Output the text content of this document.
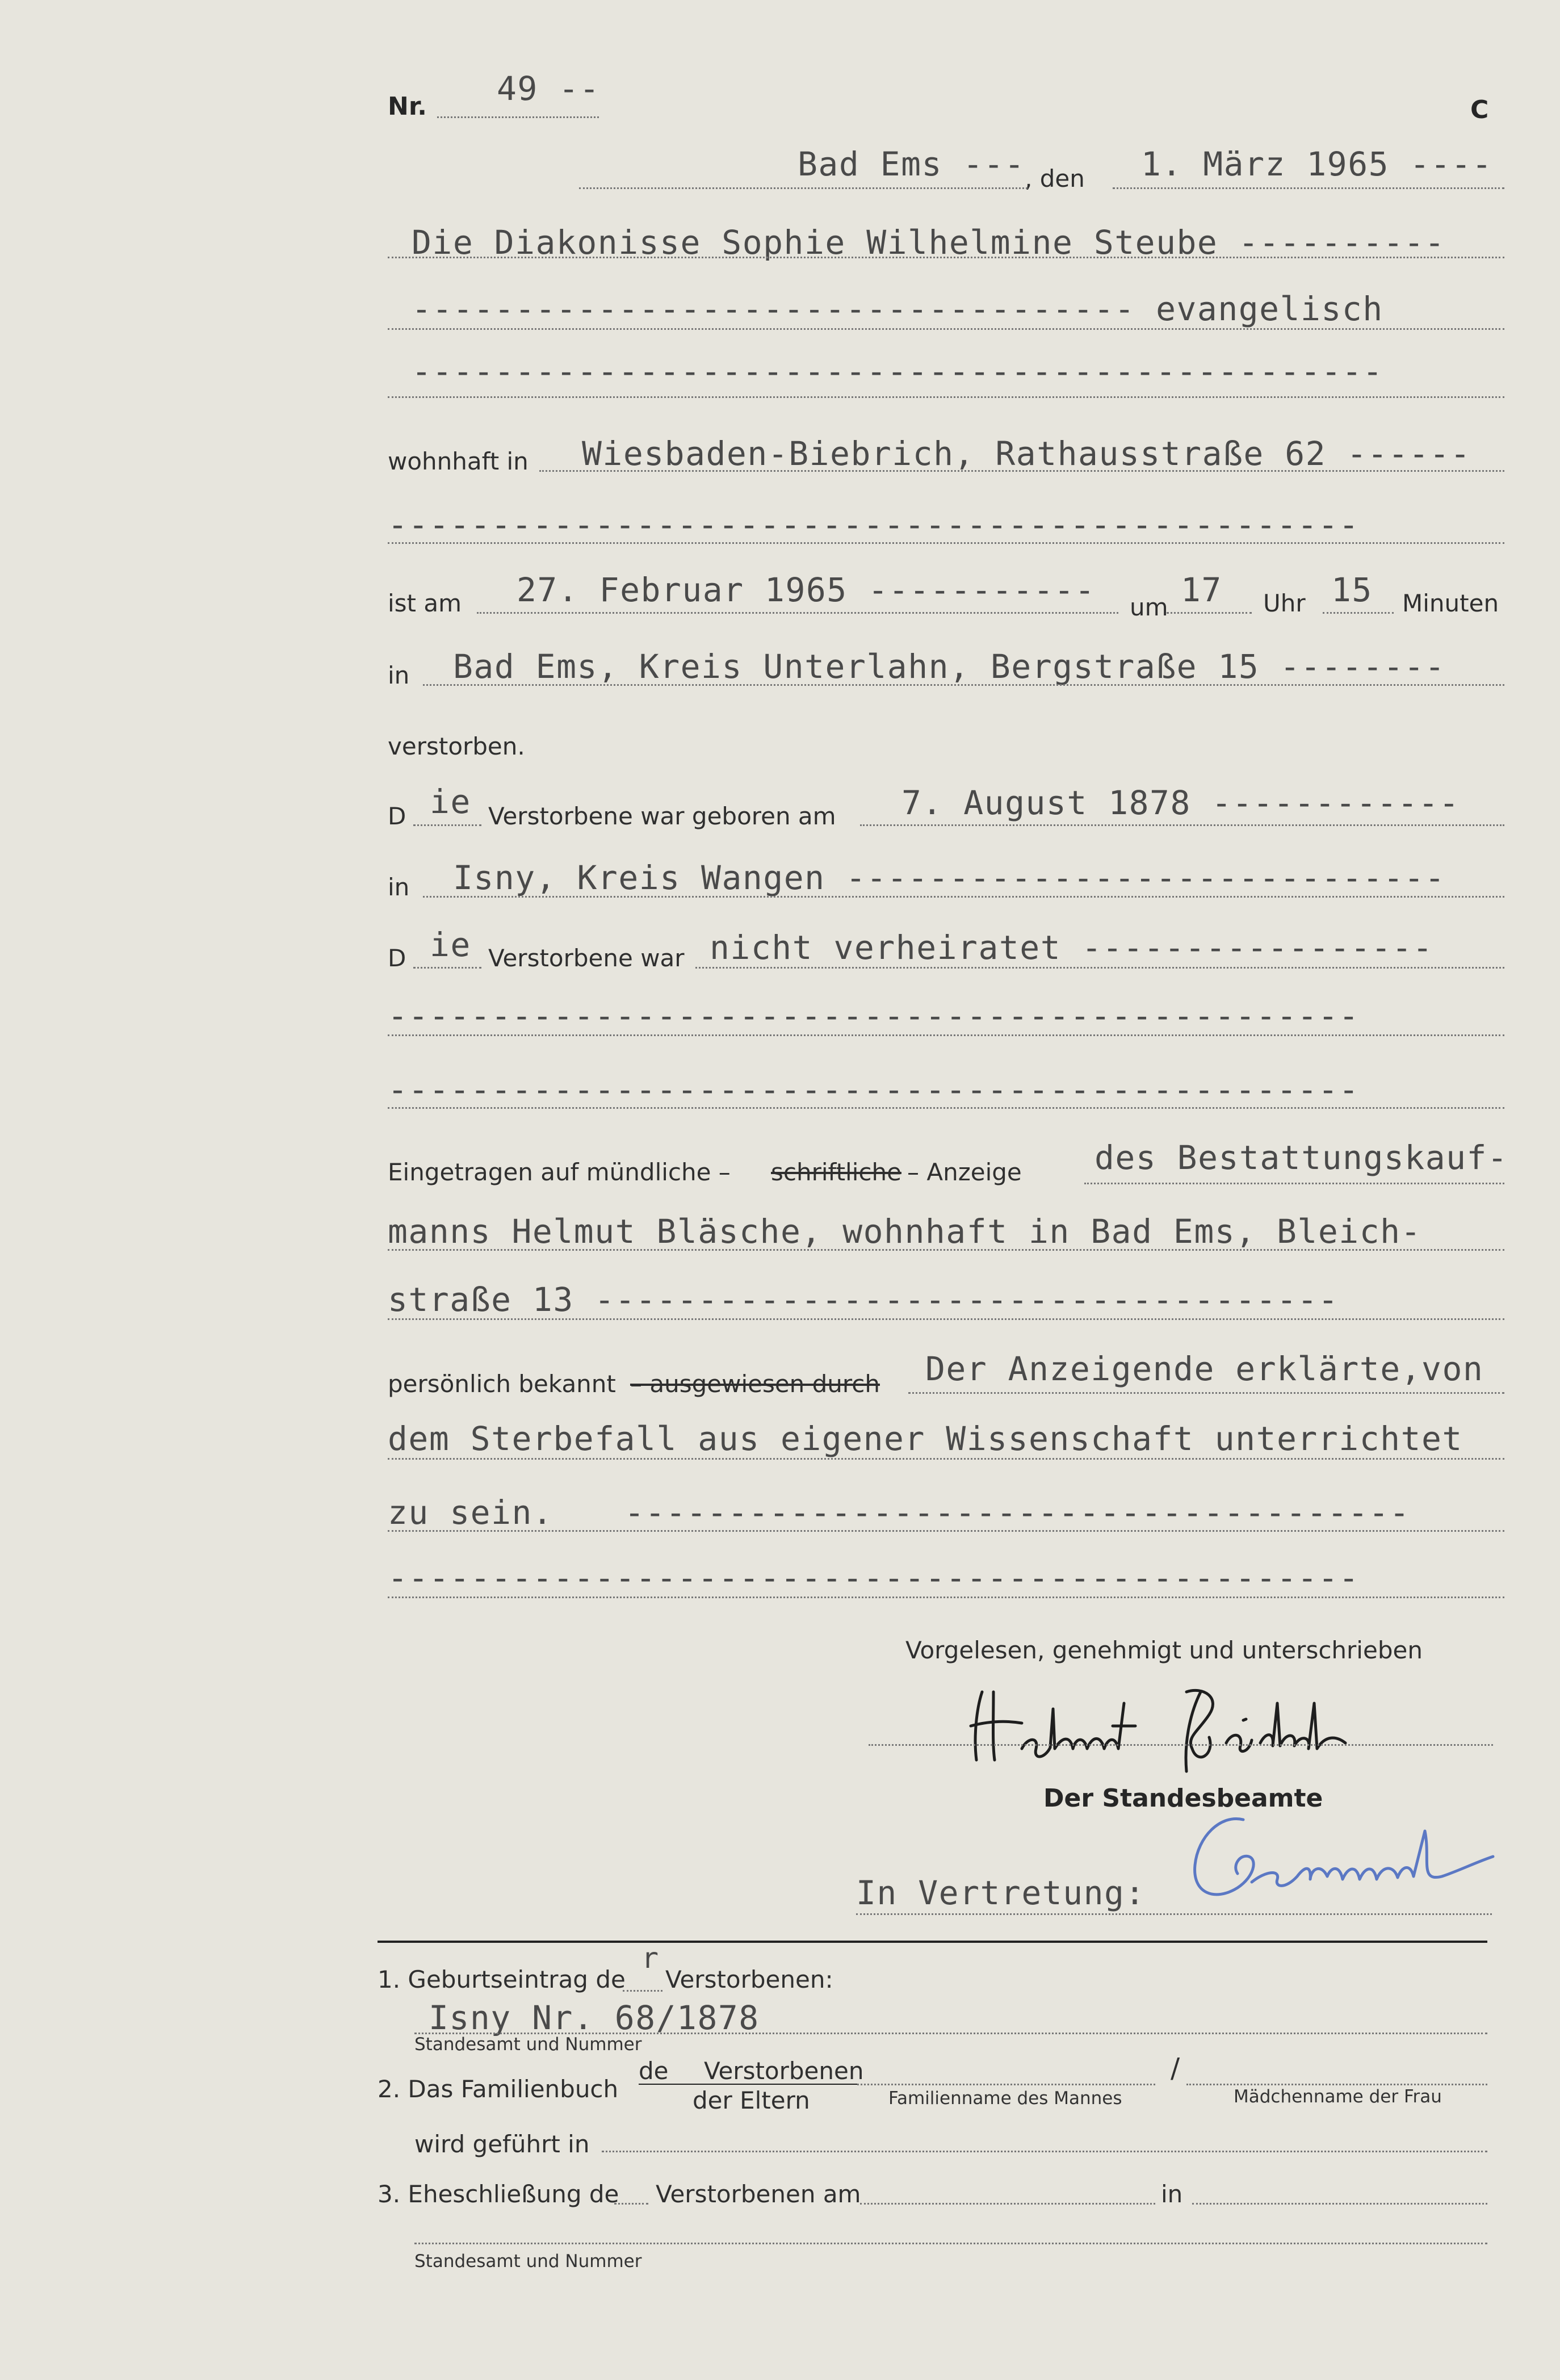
Nr. 49 --
C
Bad Ems --- , den 1. März 1965 ----
Die Diakonisse Sophie Wilhelmine Steube ----------
----------------------------------- evangelisch
-----------------------------------------------
wohnhaft in Wiesbaden-Biebrich, Rathausstraße 62 ------
-----------------------------------------------
ist am 27. Februar 1965 ----------- um 17 Uhr 15 Minuten
in Bad Ems, Kreis Unterlahn, Bergstraße 15 --------
verstorben.
D ie Verstorbene war geboren am 7. August 1878 ------------
in Isny, Kreis Wangen -----------------------------
D ie Verstorbene war nicht verheiratet -----------------
-----------------------------------------------
-----------------------------------------------
Eingetragen auf mündliche – schriftliche – Anzeige des Bestattungskauf-
manns Helmut Bläsche, wohnhaft in Bad Ems, Bleich-
straße 13 ------------------------------------
persönlich bekannt – ausgewiesen durch Der Anzeigende erklärte,von
dem Sterbefall aus eigener Wissenschaft unterrichtet
zu sein. --------------------------------------
-----------------------------------------------
Vorgelesen, genehmigt und unterschrieben
Der Standesbeamte
In Vertretung:
1. Geburtseintrag de
r
Verstorbenen:
Isny Nr. 68/1878
Standesamt und Nummer
2. Das Familienbuch
de Verstorbenen
der Eltern
/
Familienname des Mannes	Mädchenname der Frau
wird geführt in
3. Eheschließung de Verstorbenen am	in
Standesamt und Nummer
